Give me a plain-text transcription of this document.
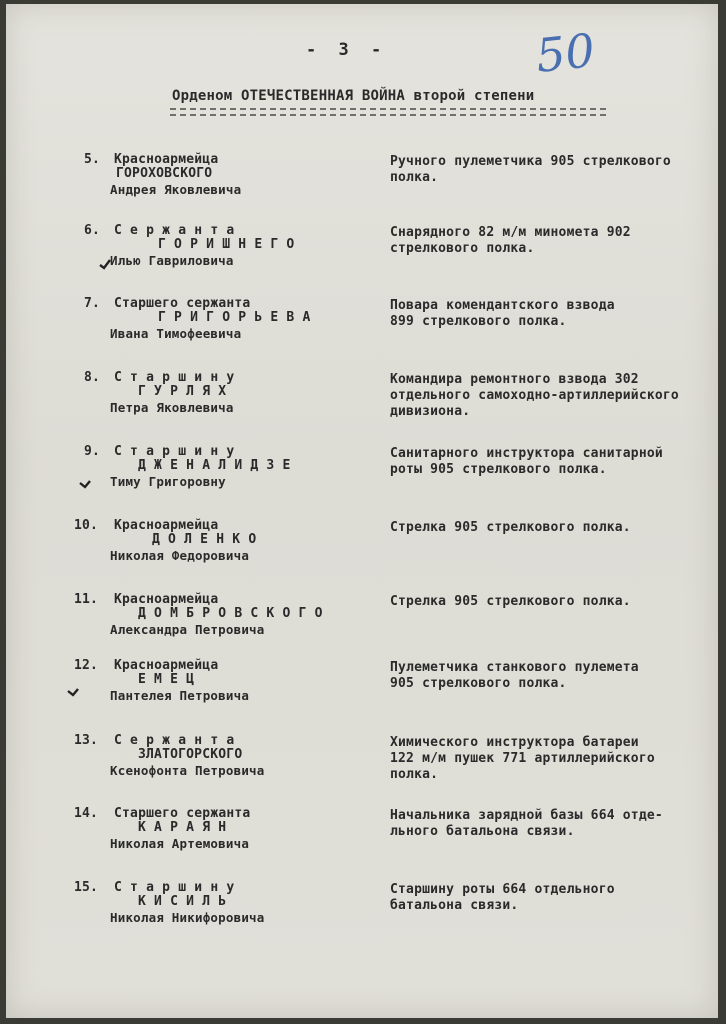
- 3 -	50
Орденом ОТЕЧЕСТВЕННАЯ ВОЙНА второй степени
5. Красноармейца
ГОРОХОВСКОГО
Андрея Яковлевича
Ручного пулеметчика 905 стрелкового
полка.
6. С е р ж а н т а
Г О Р И Ш Н Е Г О
Илью Гавриловича
Снарядного 82 м/м миномета 902
стрелкового полка.
7. Старшего сержанта
Г Р И Г О Р Ь Е В А
Ивана Тимофеевича
Повара комендантского взвода
899 стрелкового полка.
8. С т а р ш и н у
Г У Р Л Я Х
Петра Яковлевича
Командира ремонтного взвода 302
отдельного самоходно-артиллерийского
дивизиона.
9. С т а р ш и н у
Д Ж Е Н А Л И Д З Е
Тиму Григоровну
Санитарного инструктора санитарной
роты 905 стрелкового полка.
10. Красноармейца
Д О Л Е Н К О
Николая Федоровича
Стрелка 905 стрелкового полка.
11. Красноармейца
Д О М Б Р О В С К О Г О
Александра Петровича
Стрелка 905 стрелкового полка.
12. Красноармейца
Е М Е Ц
Пантелея Петровича
Пулеметчика станкового пулемета
905 стрелкового полка.
13. С е р ж а н т а
ЗЛАТОГОРСКОГО
Ксенофонта Петровича
Химического инструктора батареи
122 м/м пушек 771 артиллерийского
полка.
14. Старшего сержанта
К А Р А Я Н
Николая Артемовича
Начальника зарядной базы 664 отде-
льного батальона связи.
15. С т а р ш и н у
К И С И Л Ь
Николая Никифоровича
Старшину роты 664 отдельного
батальона связи.
